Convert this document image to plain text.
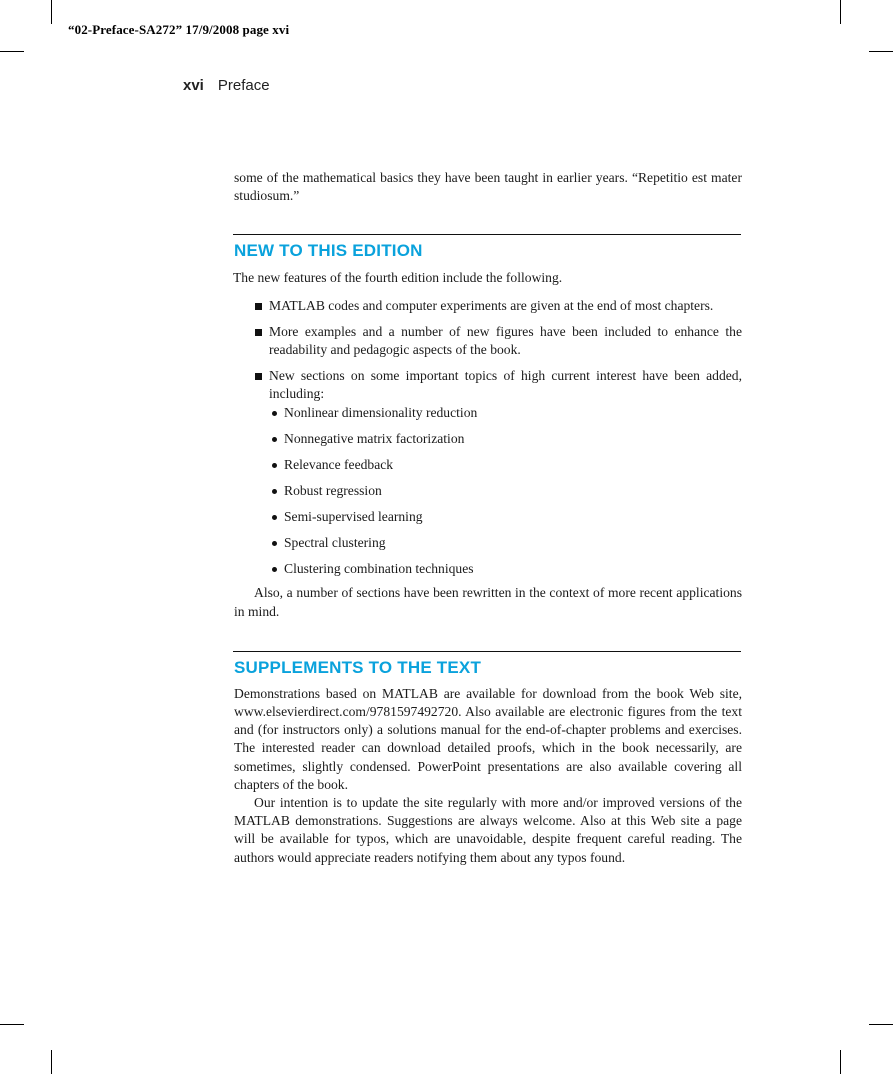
“02-Preface-SA272” 17/9/2008 page xvi
xvi Preface

some of the mathematical basics they have been taught in earlier years. “Repetitio est mater studiosum.”

NEW TO THIS EDITION

The new features of the fourth edition include the following.

MATLAB codes and computer experiments are given at the end of most chapters.
More examples and a number of new figures have been included to enhance the readability and pedagogic aspects of the book.
New sections on some important topics of high current interest have been added, including:
Nonlinear dimensionality reduction
Nonnegative matrix factorization
Relevance feedback
Robust regression
Semi-supervised learning
Spectral clustering
Clustering combination techniques

Also, a number of sections have been rewritten in the context of more recent applications in mind.

SUPPLEMENTS TO THE TEXT

Demonstrations based on MATLAB are available for download from the book Web site, www.elsevierdirect.com/9781597492720. Also available are electronic figures from the text and (for instructors only) a solutions manual for the end-of-chapter problems and exercises. The interested reader can download detailed proofs, which in the book necessarily, are sometimes, slightly condensed. PowerPoint presentations are also available covering all chapters of the book.

Our intention is to update the site regularly with more and/or improved versions of the MATLAB demonstrations. Suggestions are always welcome. Also at this Web site a page will be available for typos, which are unavoidable, despite frequent careful reading. The authors would appreciate readers notifying them about any typos found.
